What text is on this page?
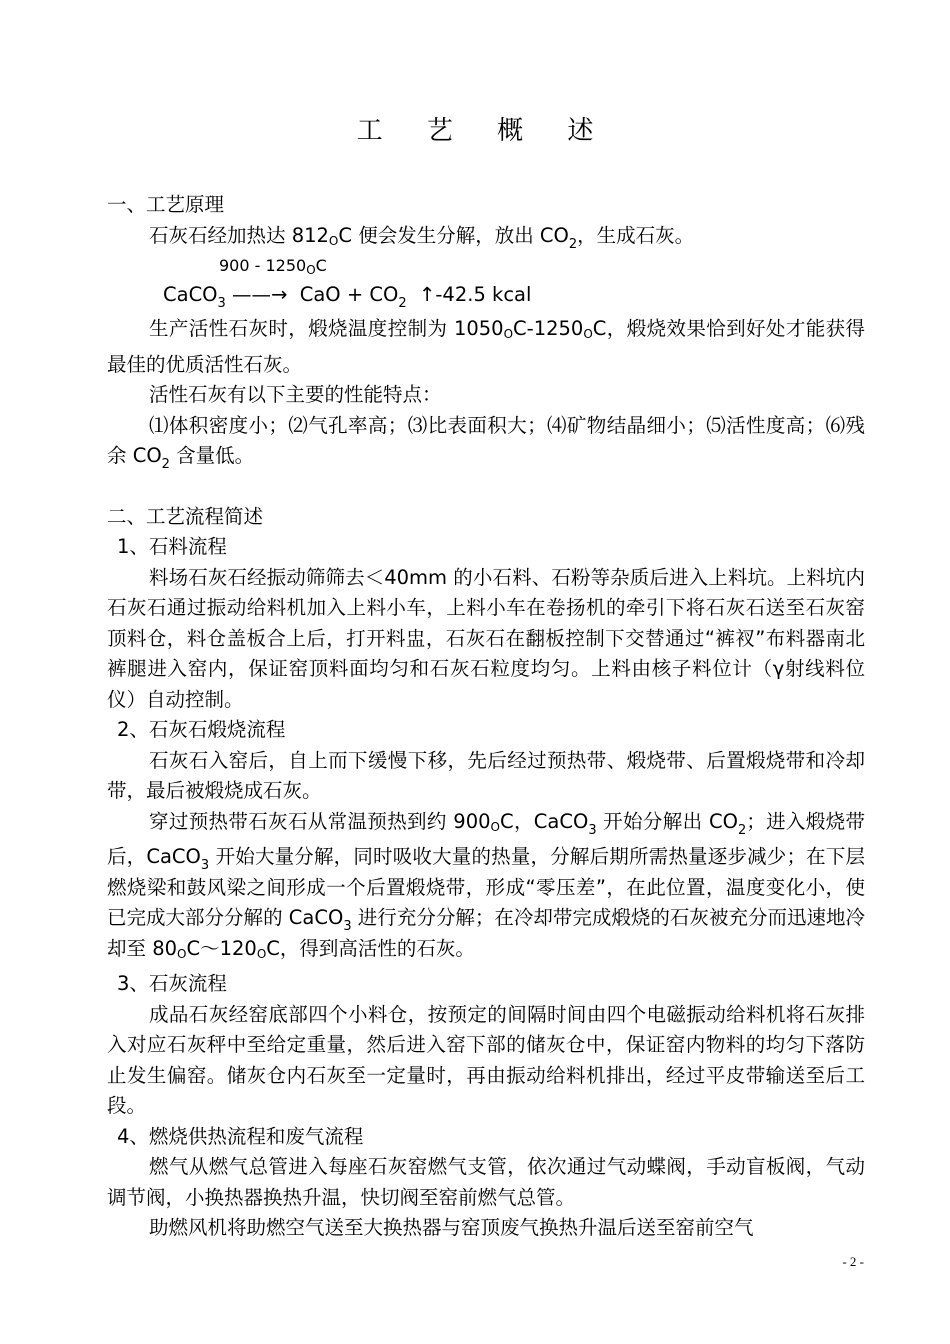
工 艺 概 述

一、工艺原理

石灰石经加热达 812OC 便会发生分解，放出 $CO_2$，生成石灰。

900 - 1250OC
CaCO$_3$ ——→  CaO + $CO_2$  ↑-42.5 kcal

生产活性石灰时，煅烧温度控制为 1050OC-1250OC，煅烧效果恰到好处才能获得最佳的优质活性石灰。

活性石灰有以下主要的性能特点：

⑴体积密度小；⑵气孔率高；⑶比表面积大；⑷矿物结晶细小；⑸活性度高；⑹残余 $CO_2$ 含量低。

二、工艺流程简述

1、石料流程

料场石灰石经振动筛筛去＜40mm 的小石料、石粉等杂质后进入上料坑。上料坑内石灰石通过振动给料机加入上料小车，上料小车在卷扬机的牵引下将石灰石送至石灰窑顶料仓，料仓盖板合上后，打开料盅，石灰石在翻板控制下交替通过“裤衩”布料器南北裤腿进入窑内，保证窑顶料面均匀和石灰石粒度均匀。上料由核子料位计（γ射线料位仪）自动控制。

2、石灰石煅烧流程

石灰石入窑后，自上而下缓慢下移，先后经过预热带、煅烧带、后置煅烧带和冷却带，最后被煅烧成石灰。

穿过预热带石灰石从常温预热到约 900OC，CaCO$_3$ 开始分解出 $CO_2$；进入煅烧带后，CaCO$_3$ 开始大量分解，同时吸收大量的热量，分解后期所需热量逐步减少；在下层燃烧梁和鼓风梁之间形成一个后置煅烧带，形成“零压差”，在此位置，温度变化小，使已完成大部分分解的 CaCO$_3$ 进行充分分解；在冷却带完成煅烧的石灰被充分而迅速地冷却至 80OC～120OC，得到高活性的石灰。

3、石灰流程

成品石灰经窑底部四个小料仓，按预定的间隔时间由四个电磁振动给料机将石灰排入对应石灰秤中至给定重量，然后进入窑下部的储灰仓中，保证窑内物料的均匀下落防止发生偏窑。储灰仓内石灰至一定量时，再由振动给料机排出，经过平皮带输送至后工段。

4、燃烧供热流程和废气流程

燃气从燃气总管进入每座石灰窑燃气支管，依次通过气动蝶阀，手动盲板阀，气动调节阀，小换热器换热升温，快切阀至窑前燃气总管。

助燃风机将助燃空气送至大换热器与窑顶废气换热升温后送至窑前空气

- 2 -
